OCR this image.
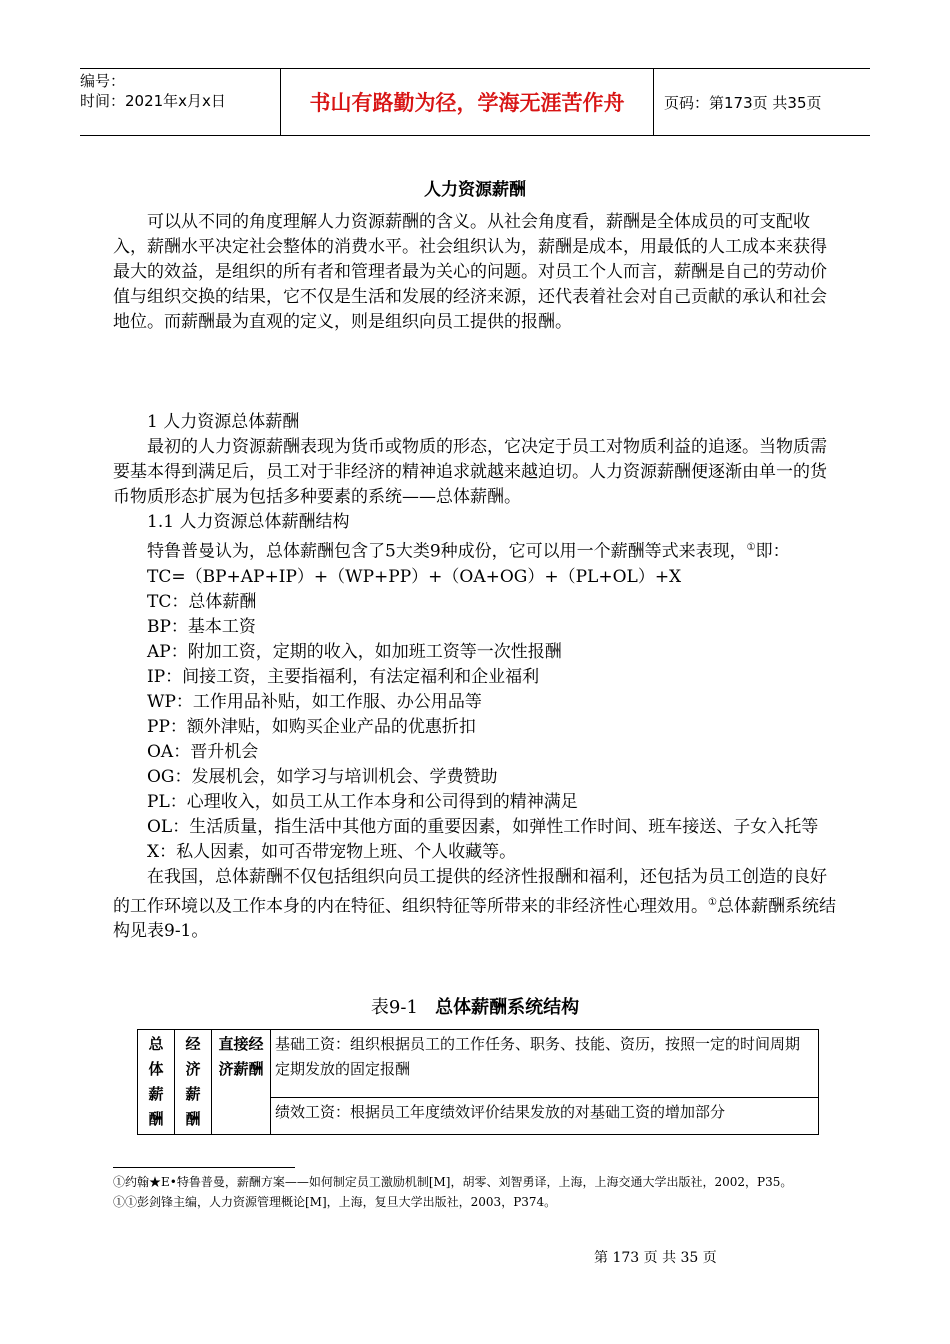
编号：
时间：2021年x月x日	书山有路勤为径，学海无涯苦作舟	页码：第173页 共35页
人力资源薪酬

可以从不同的角度理解人力资源薪酬的含义。从社会角度看，薪酬是全体成员的可支配收入，薪酬水平决定社会整体的消费水平。社会组织认为，薪酬是成本，用最低的人工成本来获得最大的效益，是组织的所有者和管理者最为关心的问题。对员工个人而言，薪酬是自己的劳动价值与组织交换的结果，它不仅是生活和发展的经济来源，还代表着社会对自己贡献的承认和社会地位。而薪酬最为直观的定义，则是组织向员工提供的报酬。

1 人力资源总体薪酬

最初的人力资源薪酬表现为货币或物质的形态，它决定于员工对物质利益的追逐。当物质需要基本得到满足后，员工对于非经济的精神追求就越来越迫切。人力资源薪酬便逐渐由单一的货币物质形态扩展为包括多种要素的系统——总体薪酬。

1.1 人力资源总体薪酬结构

特鲁普曼认为，总体薪酬包含了5大类9种成份，它可以用一个薪酬等式来表现，①即：

TC=（BP+AP+IP）+（WP+PP）+（OA+OG）+（PL+OL）+X

TC：总体薪酬

BP：基本工资

AP：附加工资，定期的收入，如加班工资等一次性报酬

IP：间接工资，主要指福利，有法定福利和企业福利

WP：工作用品补贴，如工作服、办公用品等

PP：额外津贴，如购买企业产品的优惠折扣

OA：晋升机会

OG：发展机会，如学习与培训机会、学费赞助

PL：心理收入，如员工从工作本身和公司得到的精神满足

OL：生活质量，指生活中其他方面的重要因素，如弹性工作时间、班车接送、子女入托等

X：私人因素，如可否带宠物上班、个人收藏等。

在我国，总体薪酬不仅包括组织向员工提供的经济性报酬和福利，还包括为员工创造的良好的工作环境以及工作本身的内在特征、组织特征等所带来的非经济性心理效用。①总体薪酬系统结构见表9-1。

表9-1 总体薪酬系统结构
总体薪酬	经济薪酬	直接经济薪酬	基础工资：组织根据员工的工作任务、职务、技能、资历，按照一定的时间周期定期发放的固定报酬
绩效工资：根据员工年度绩效评价结果发放的对基础工资的增加部分
①约翰★E•特鲁普曼，薪酬方案——如何制定员工激励机制[M]，胡零、刘智勇译，上海，上海交通大学出版社，2002，P35。
①①彭剑锋主编，人力资源管理概论[M]，上海，复旦大学出版社，2003，P374。
第 173 页 共 35 页
